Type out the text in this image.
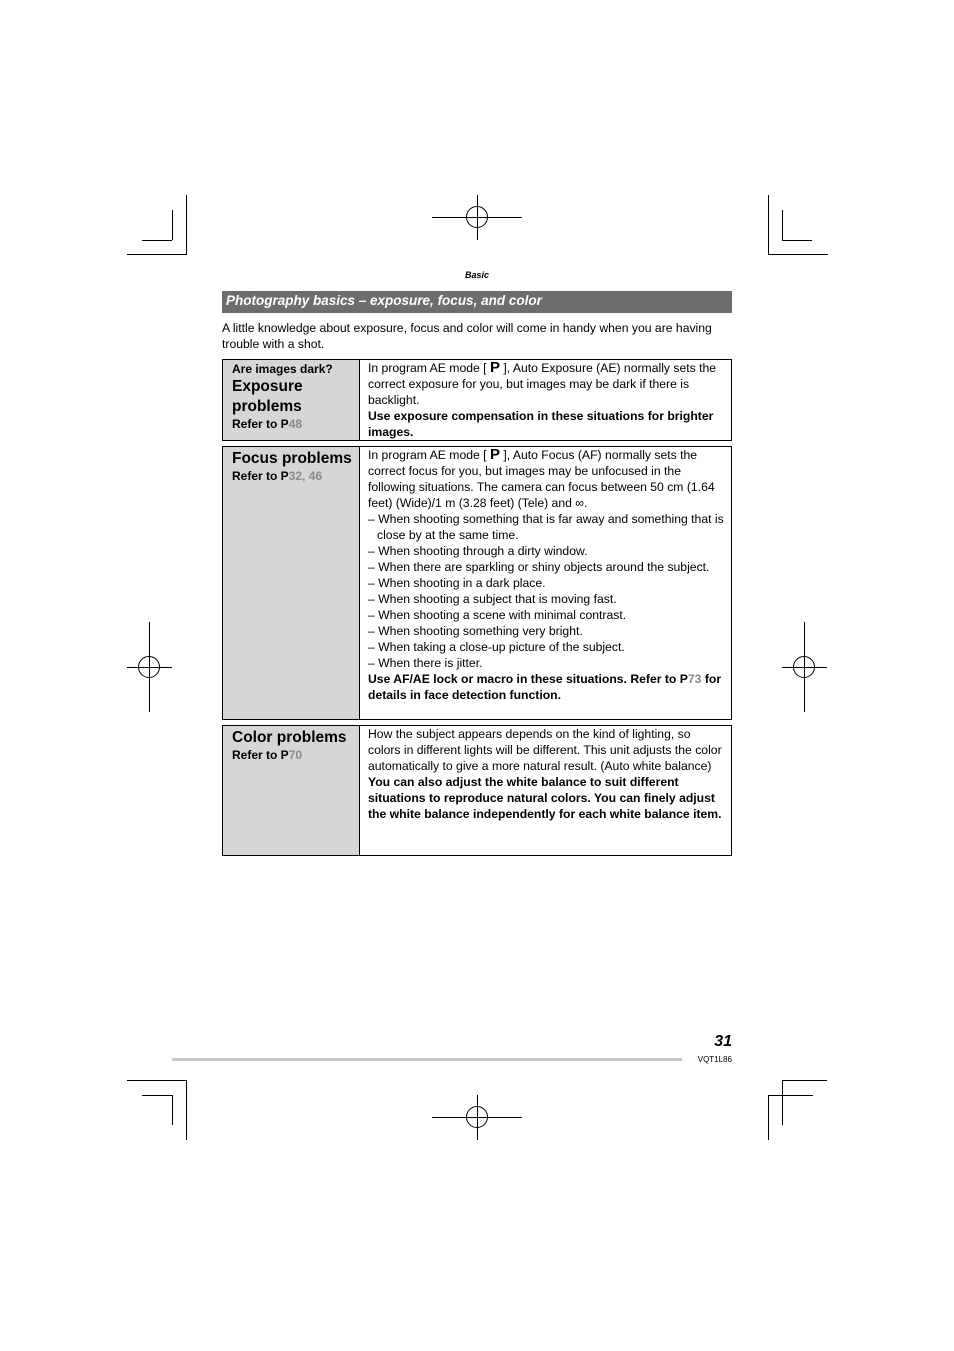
Basic
Photography basics – exposure, focus, and color
A little knowledge about exposure, focus and color will come in handy when you are having trouble with a shot.
Are images dark?
Exposure problems
Refer to P48
In program AE mode [ P ], Auto Exposure (AE) normally sets the correct exposure for you, but images may be dark if there is backlight.
Use exposure compensation in these situations for brighter images.
Focus problems
Refer to P32, 46
In program AE mode [ P ], Auto Focus (AF) normally sets the correct focus for you, but images may be unfocused in the following situations. The camera can focus between 50 cm (1.64 feet) (Wide)/1 m (3.28 feet) (Tele) and ∞.
– When shooting something that is far away and something that is close by at the same time.
– When shooting through a dirty window.
– When there are sparkling or shiny objects around the subject.
– When shooting in a dark place.
– When shooting a subject that is moving fast.
– When shooting a scene with minimal contrast.
– When shooting something very bright.
– When taking a close-up picture of the subject.
– When there is jitter.
Use AF/AE lock or macro in these situations. Refer to P73 for details in face detection function.
Color problems
Refer to P70
How the subject appears depends on the kind of lighting, so colors in different lights will be different. This unit adjusts the color automatically to give a more natural result. (Auto white balance)
You can also adjust the white balance to suit different situations to reproduce natural colors. You can finely adjust the white balance independently for each white balance item.
31
VQT1L86
